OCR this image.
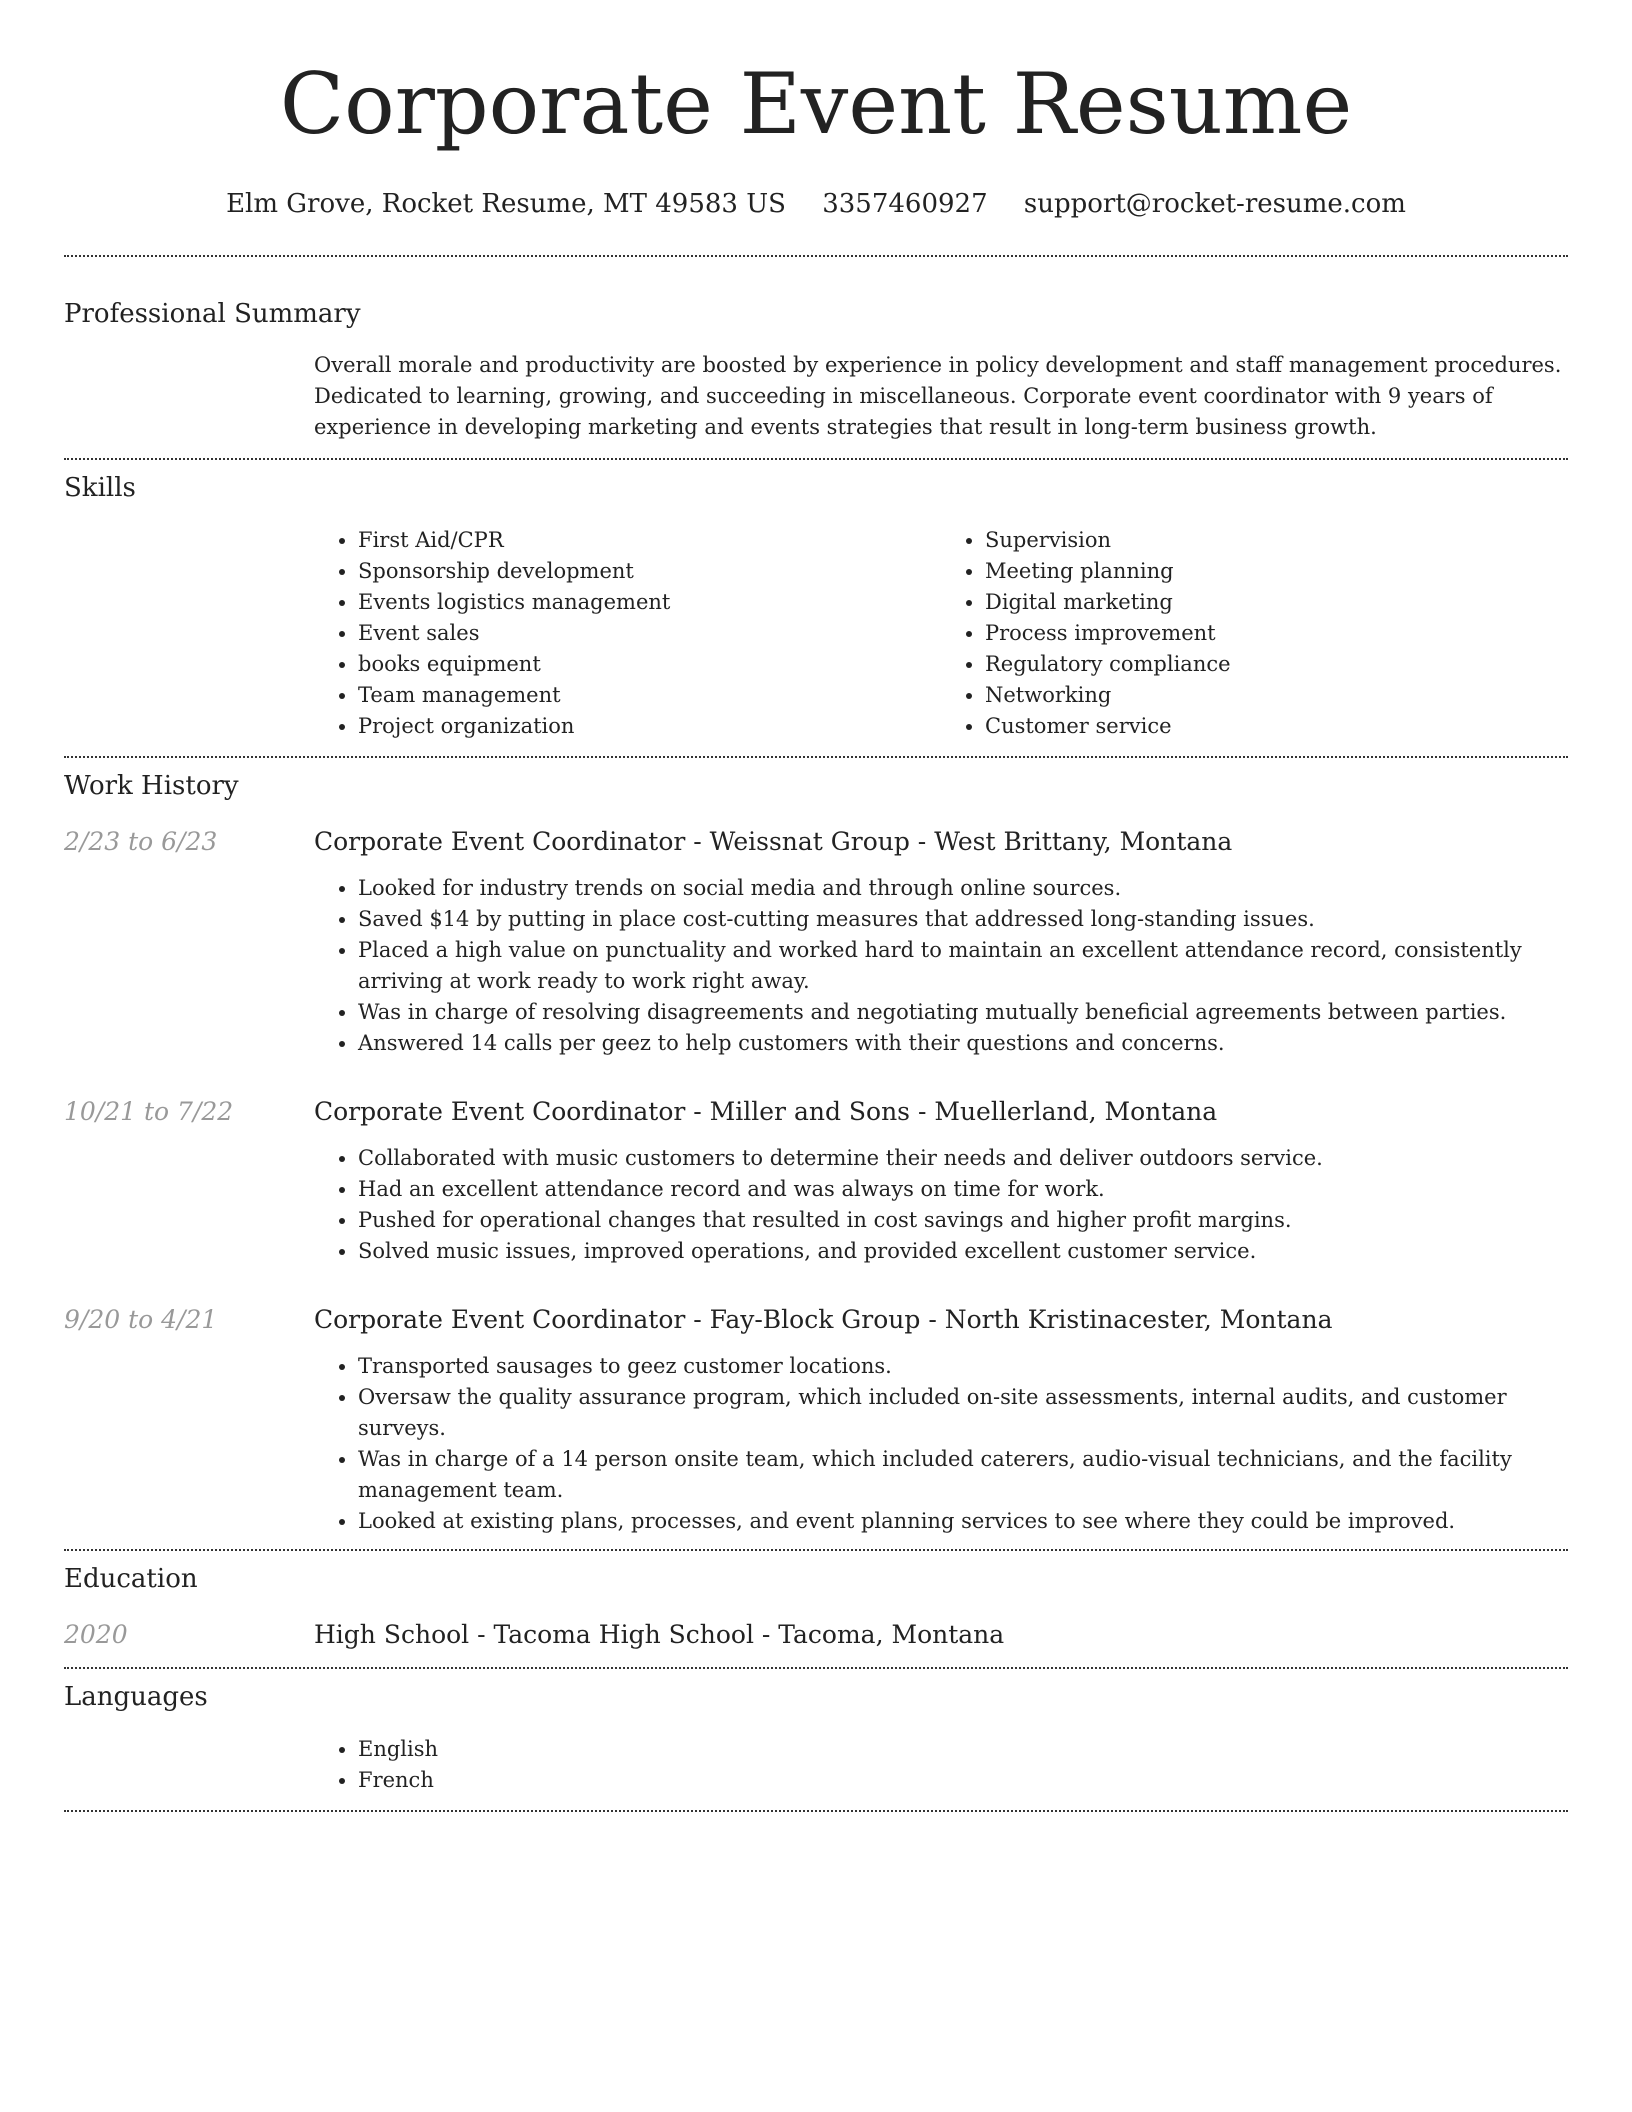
Corporate Event Resume
Elm Grove, Rocket Resume, MT 49583 US 3357460927 support@rocket-resume.com
Professional Summary
Overall morale and productivity are boosted by experience in policy development and staff management procedures. Dedicated to learning, growing, and succeeding in miscellaneous. Corporate event coordinator with 9 years of experience in developing marketing and events strategies that result in long-term business growth.
Skills
• First Aid/CPR
• Sponsorship development
• Events logistics management
• Event sales
• books equipment
• Team management
• Project organization
• Supervision
• Meeting planning
• Digital marketing
• Process improvement
• Regulatory compliance
• Networking
• Customer service
Work History
2/23 to 6/23	Corporate Event Coordinator - Weissnat Group - West Brittany, Montana
• Looked for industry trends on social media and through online sources.
• Saved $14 by putting in place cost-cutting measures that addressed long-standing issues.
• Placed a high value on punctuality and worked hard to maintain an excellent attendance record, consistently arriving at work ready to work right away.
• Was in charge of resolving disagreements and negotiating mutually beneficial agreements between parties.
• Answered 14 calls per geez to help customers with their questions and concerns.
10/21 to 7/22	Corporate Event Coordinator - Miller and Sons - Muellerland, Montana
• Collaborated with music customers to determine their needs and deliver outdoors service.
• Had an excellent attendance record and was always on time for work.
• Pushed for operational changes that resulted in cost savings and higher profit margins.
• Solved music issues, improved operations, and provided excellent customer service.
9/20 to 4/21	Corporate Event Coordinator - Fay-Block Group - North Kristinacester, Montana
• Transported sausages to geez customer locations.
• Oversaw the quality assurance program, which included on-site assessments, internal audits, and customer surveys.
• Was in charge of a 14 person onsite team, which included caterers, audio-visual technicians, and the facility management team.
• Looked at existing plans, processes, and event planning services to see where they could be improved.
Education
2020	High School - Tacoma High School - Tacoma, Montana
Languages
• English
• French
